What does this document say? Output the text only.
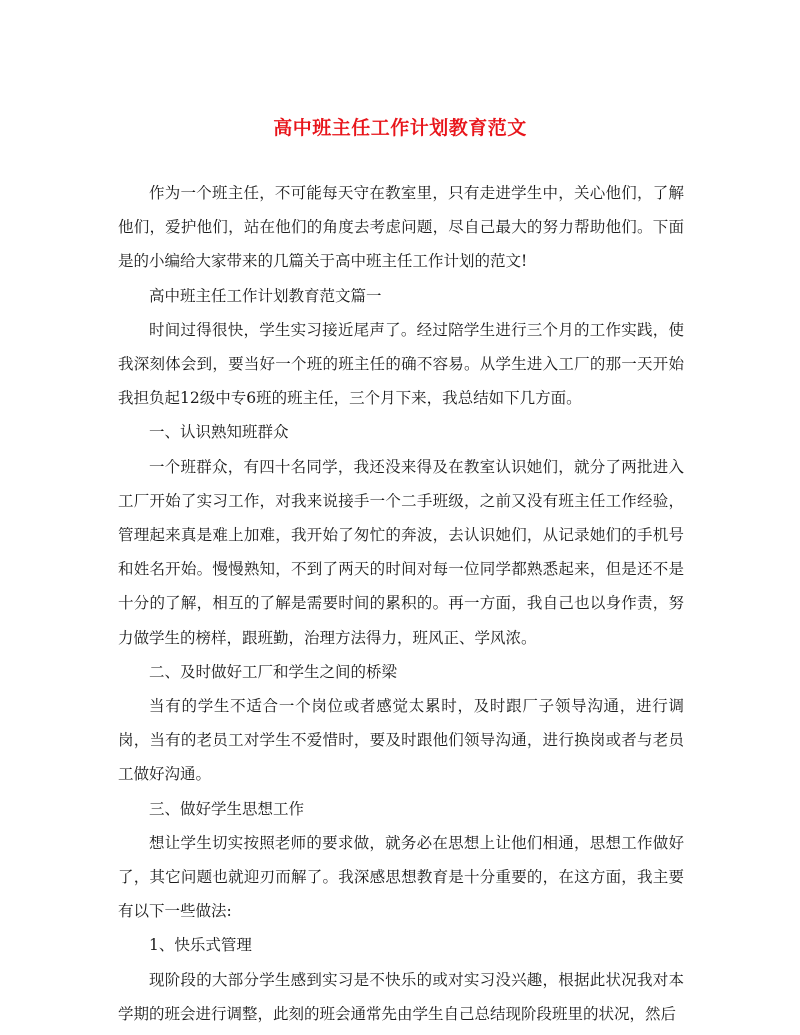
高中班主任工作计划教育范文

作为一个班主任，不可能每天守在教室里，只有走进学生中，关心他们，了解他们，爱护他们，站在他们的角度去考虑问题，尽自己最大的努力帮助他们。下面是的小编给大家带来的几篇关于高中班主任工作计划的范文!

高中班主任工作计划教育范文篇一

时间过得很快，学生实习接近尾声了。经过陪学生进行三个月的工作实践，使我深刻体会到，要当好一个班的班主任的确不容易。从学生进入工厂的那一天开始我担负起12级中专6班的班主任，三个月下来，我总结如下几方面。

一、认识熟知班群众

一个班群众，有四十名同学，我还没来得及在教室认识她们，就分了两批进入工厂开始了实习工作，对我来说接手一个二手班级，之前又没有班主任工作经验，管理起来真是难上加难，我开始了匆忙的奔波，去认识她们，从记录她们的手机号和姓名开始。慢慢熟知，不到了两天的时间对每一位同学都熟悉起来，但是还不是十分的了解，相互的了解是需要时间的累积的。再一方面，我自己也以身作责，努力做学生的榜样，跟班勤，治理方法得力，班风正、学风浓。

二、及时做好工厂和学生之间的桥梁

当有的学生不适合一个岗位或者感觉太累时，及时跟厂子领导沟通，进行调岗，当有的老员工对学生不爱惜时，要及时跟他们领导沟通，进行换岗或者与老员工做好沟通。

三、做好学生思想工作

想让学生切实按照老师的要求做，就务必在思想上让他们相通，思想工作做好了，其它问题也就迎刃而解了。我深感思想教育是十分重要的，在这方面，我主要有以下一些做法:

1、快乐式管理

现阶段的大部分学生感到实习是不快乐的或对实习没兴趣，根据此状况我对本学期的班会进行调整，此刻的班会通常先由学生自己总结现阶段班里的状况，然后
